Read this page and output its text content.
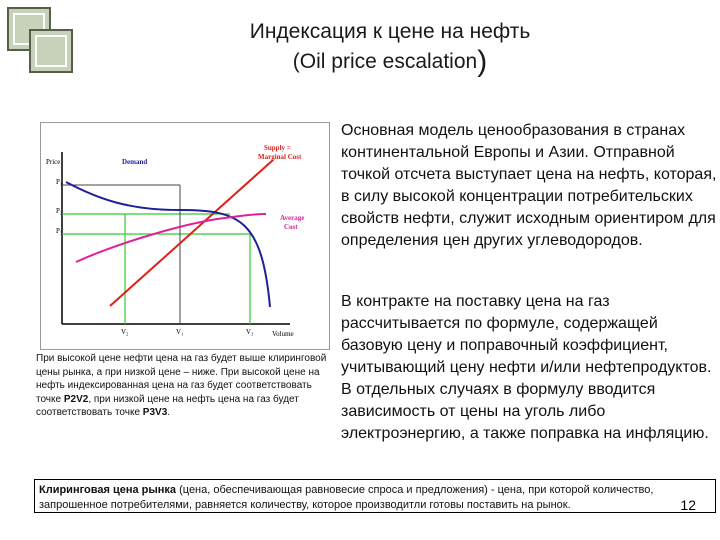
Индексация к цене на нефть
(Oil price escalation)
Price
P₁
P₂
P₃
V₂	V₁	V₃	Volume
Demand
Supply =
Marginal Cost
Average
Cost
При высокой цене нефти цена на газ будет выше клиринговой цены рынка, а при низкой цене – ниже. При высокой цене на нефть индексированная цена на газ будет соответствовать точке P2V2, при низкой цене на нефть цена на газ будет соответствовать точке P3V3.
Основная модель ценообразования в странах континентальной Европы и Азии. Отправной точкой отсчета выступает цена на нефть, которая, в силу высокой концентрации потребительских свойств нефти, служит исходным ориентиром для определения цен других углеводородов.
В контракте на поставку цена на газ рассчитывается по формуле, содержащей базовую цену и поправочный коэффициент, учитывающий цену нефти и/или нефтепродуктов. В отдельных случаях в формулу вводится зависимость от цены на уголь либо электроэнергию, а также поправка на инфляцию.
Клиринговая цена рынка (цена, обеспечивающая равновесие спроса и предложения) - цена, при которой количество, запрошенное потребителями, равняется количеству, которое производитли готовы поставить на рынок.	12
